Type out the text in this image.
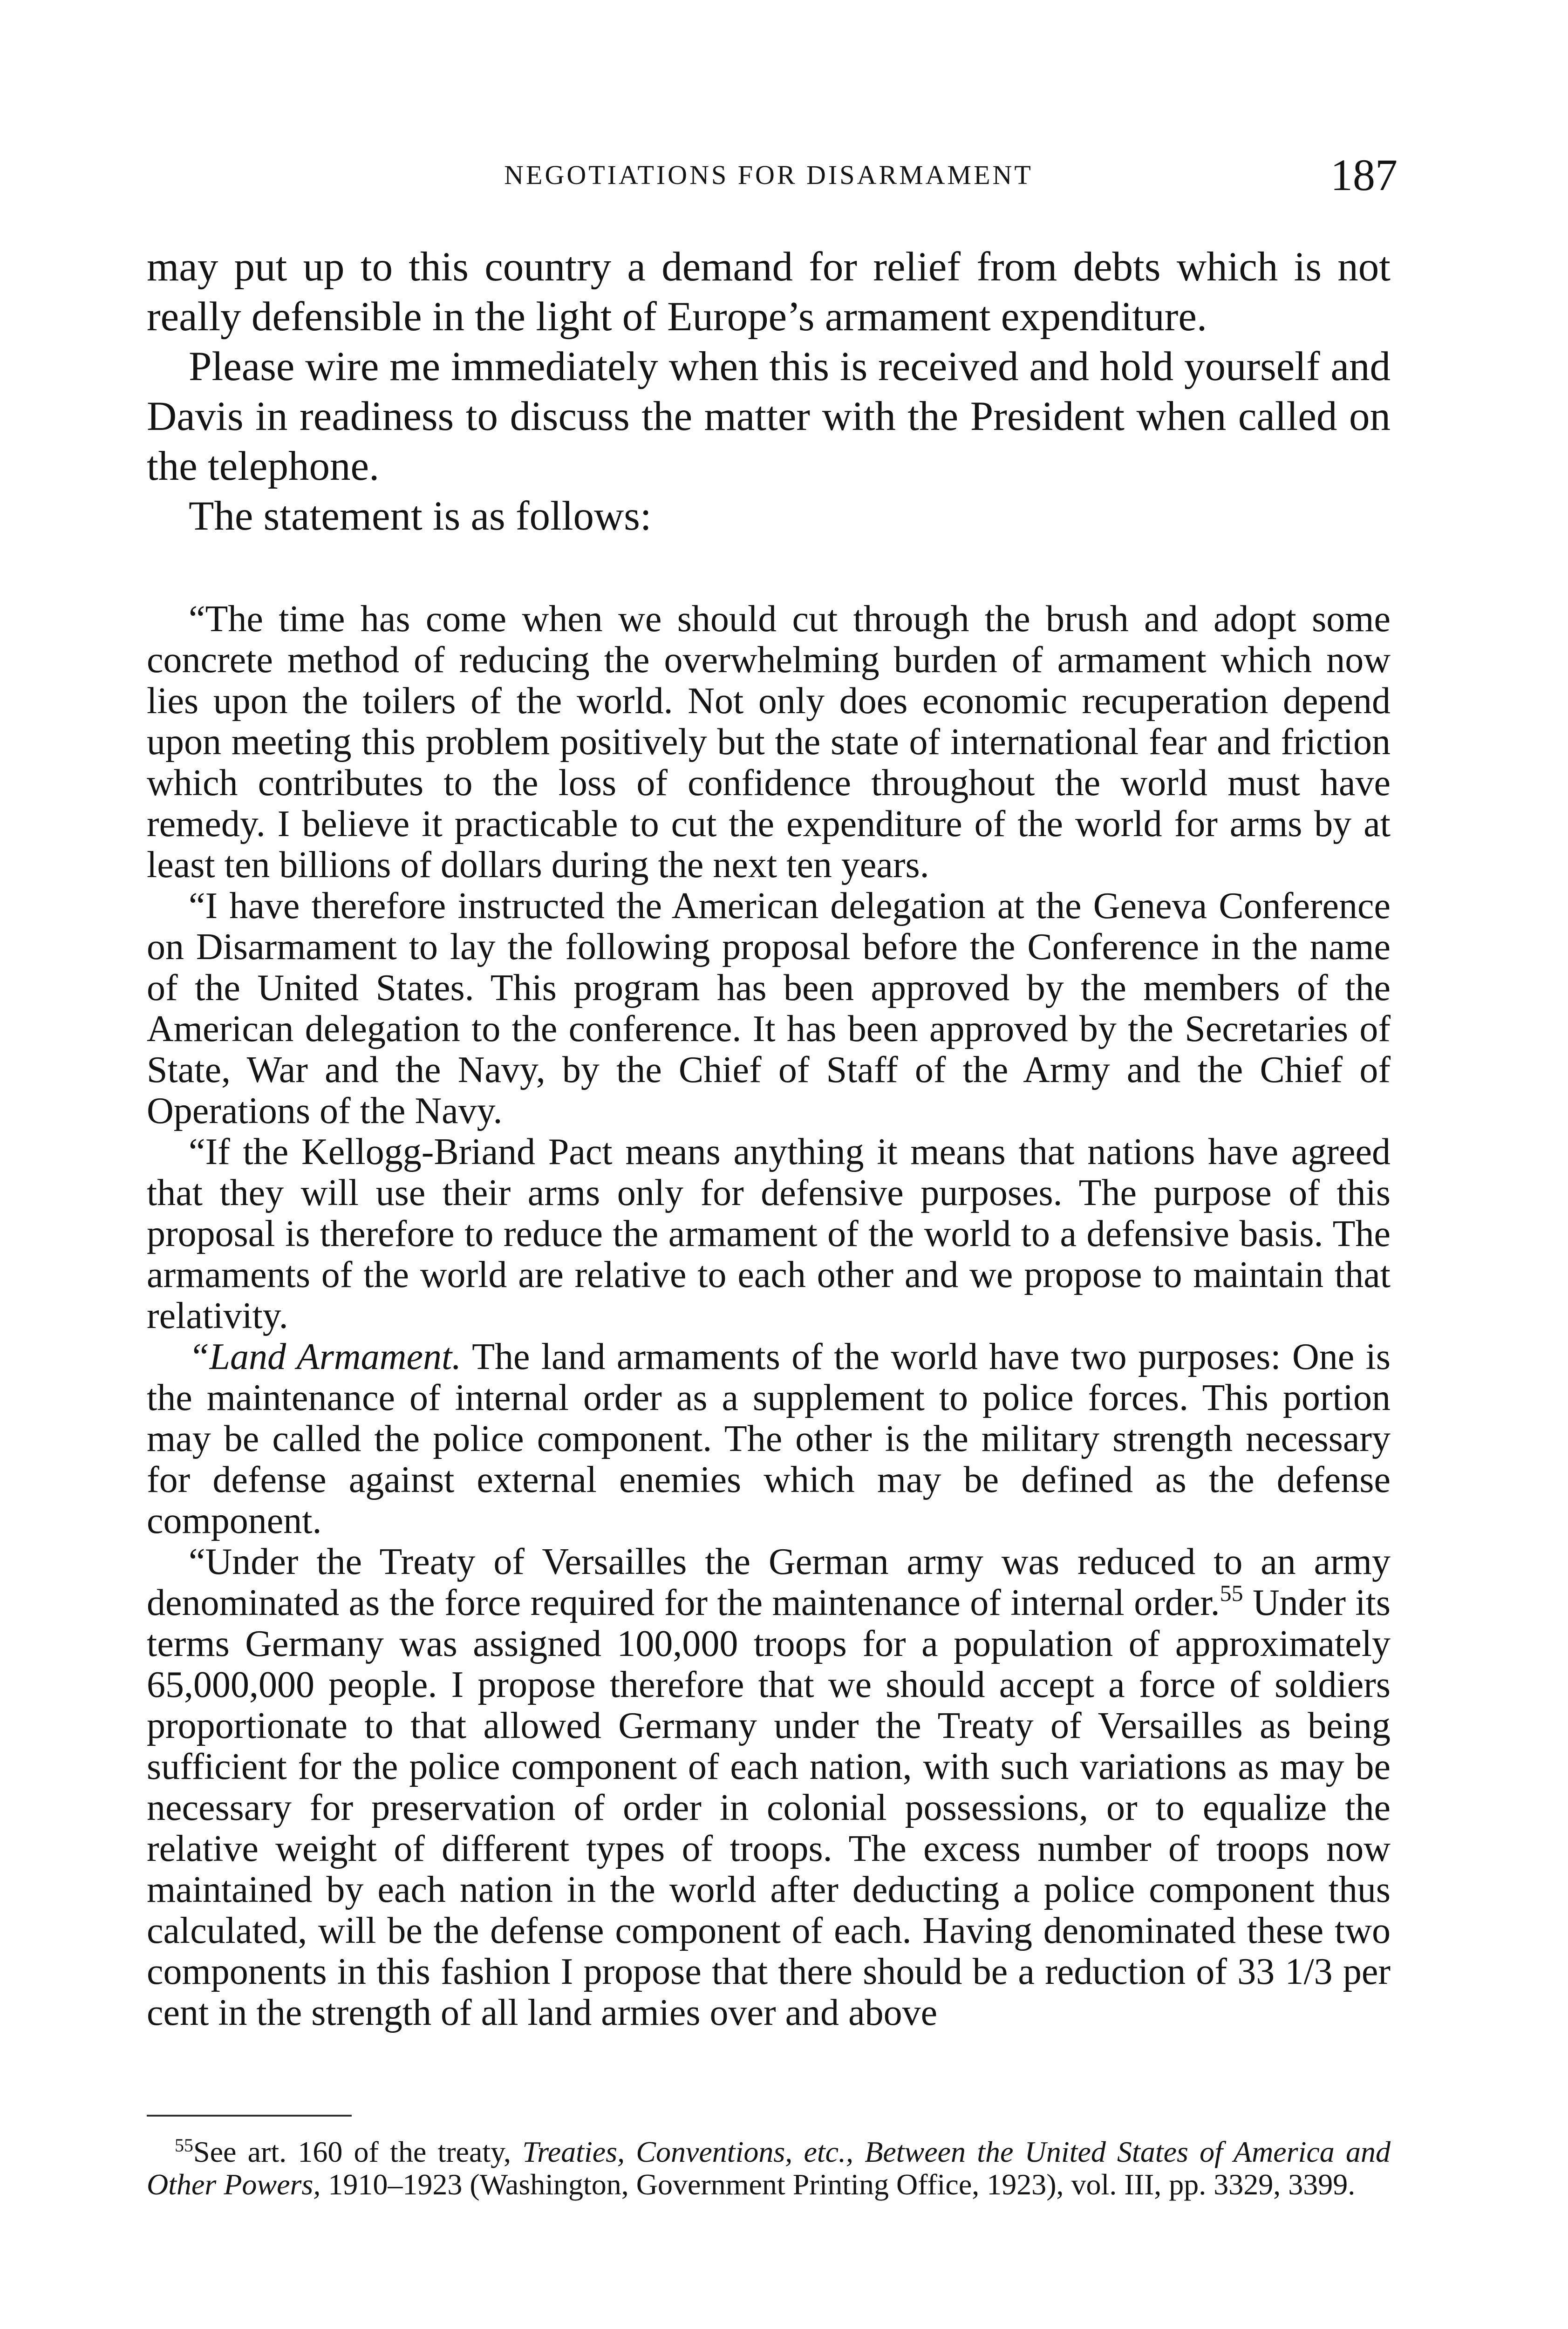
NEGOTIATIONS FOR DISARMAMENT	187

may put up to this country a demand for relief from debts which is not really defensible in the light of Europe’s armament expenditure.

Please wire me immediately when this is received and hold yourself and Davis in readiness to discuss the matter with the President when called on the telephone.

The statement is as follows:

“The time has come when we should cut through the brush and adopt some concrete method of reducing the overwhelming burden of armament which now lies upon the toilers of the world. Not only does economic recuperation depend upon meeting this problem positively but the state of international fear and friction which contributes to the loss of confidence throughout the world must have remedy. I believe it practicable to cut the expenditure of the world for arms by at least ten billions of dollars during the next ten years.

“I have therefore instructed the American delegation at the Geneva Conference on Disarmament to lay the following proposal before the Conference in the name of the United States. This program has been approved by the members of the American delegation to the conference. It has been approved by the Secretaries of State, War and the Navy, by the Chief of Staff of the Army and the Chief of Operations of the Navy.

“If the Kellogg-Briand Pact means anything it means that nations have agreed that they will use their arms only for defensive purposes. The purpose of this proposal is therefore to reduce the armament of the world to a defensive basis. The armaments of the world are relative to each other and we propose to maintain that relativity.

“Land Armament. The land armaments of the world have two purposes: One is the maintenance of internal order as a supplement to police forces. This portion may be called the police component. The other is the military strength necessary for defense against external enemies which may be defined as the defense component.

“Under the Treaty of Versailles the German army was reduced to an army denominated as the force required for the maintenance of internal order.$^{55}$ Under its terms Germany was assigned 100,000 troops for a population of approximately 65,000,000 people. I propose therefore that we should accept a force of soldiers proportionate to that allowed Germany under the Treaty of Versailles as being sufficient for the police component of each nation, with such variations as may be necessary for preservation of order in colonial possessions, or to equalize the relative weight of different types of troops. The excess number of troops now maintained by each nation in the world after deducting a police component thus calculated, will be the defense component of each. Having denominated these two components in this fashion I propose that there should be a reduction of 33 1/3 per cent in the strength of all land armies over and above

$^{55}$See art. 160 of the treaty, Treaties, Conventions, etc., Between the United States of America and Other Powers, 1910–1923 (Washington, Government Printing Office, 1923), vol. III, pp. 3329, 3399.
